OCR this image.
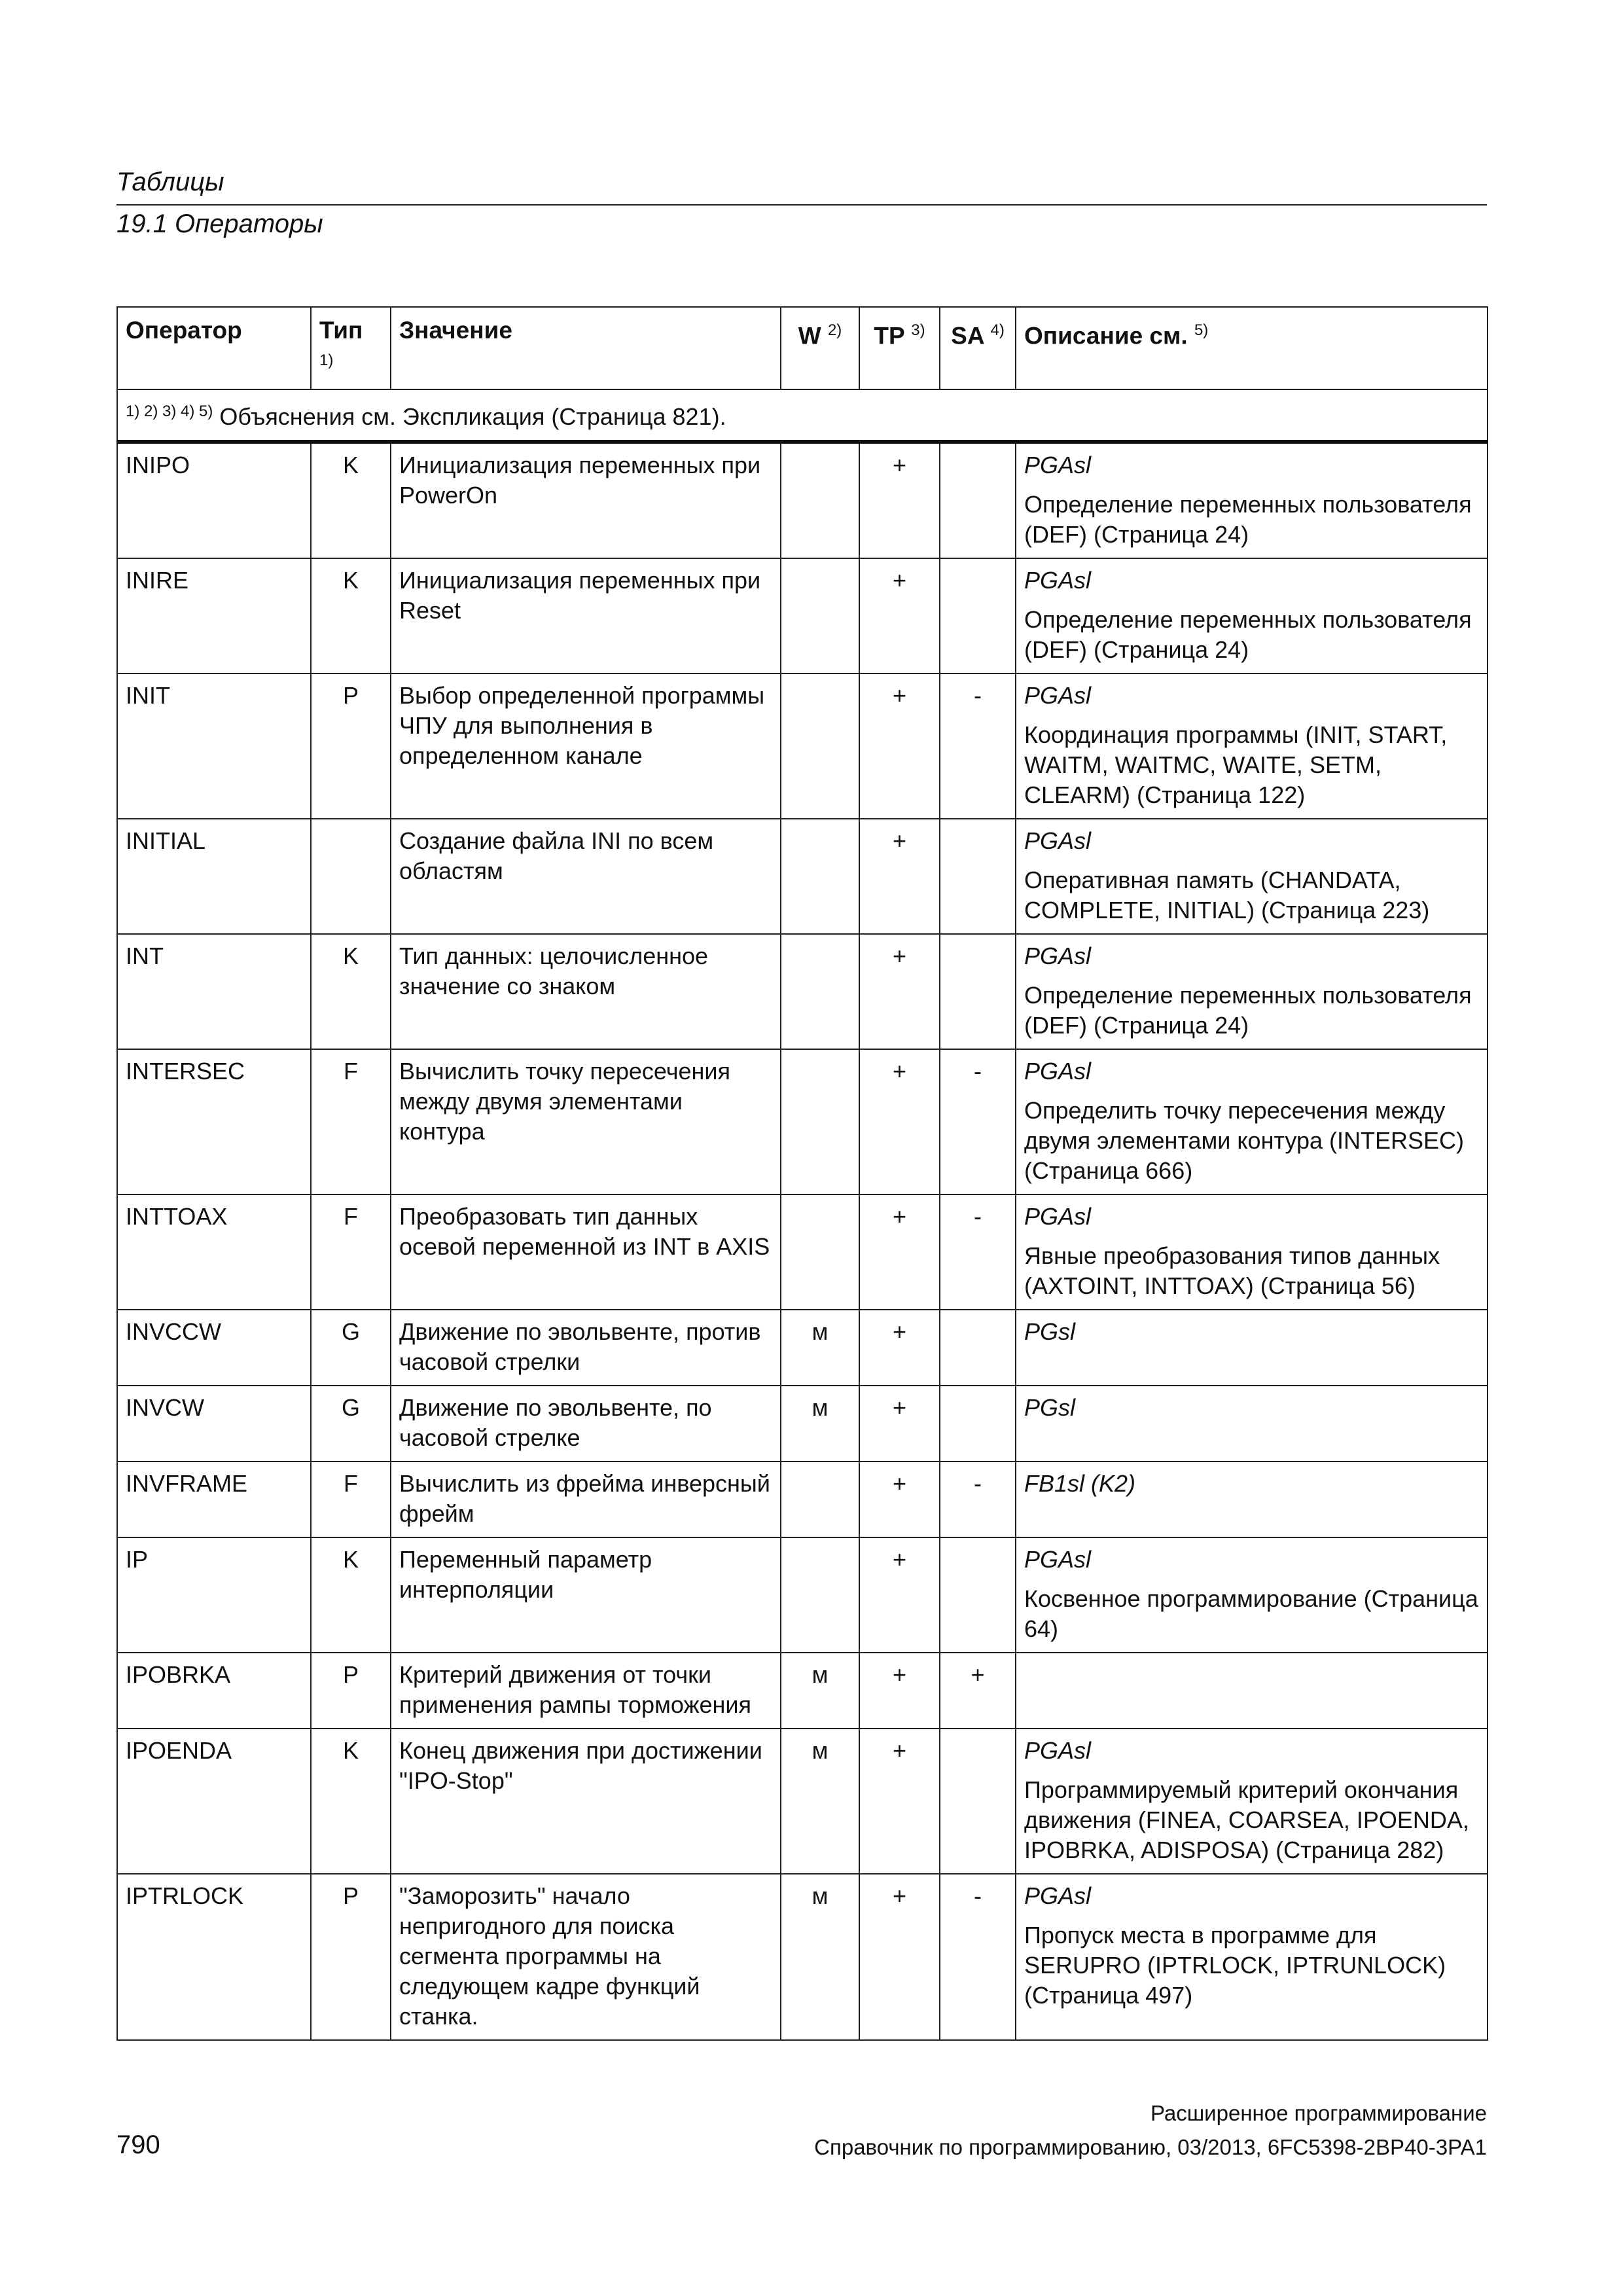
Таблицы
19.1 Операторы
Оператор	Тип $^{1)}$	Значение	W $^{2)}$	TP $^{3)}$	SA $^{4)}$	Описание см. $^{5)}$
$^{1) 2) 3) 4) 5)}$ Объяснения см. Экспликация (Страница 821).						
INIPO	K	Инициализация переменных при PowerOn		+		PGAsl
Определение переменных пользователя (DEF) (Страница 24)

INIRE	K	Инициализация переменных при Reset		+		PGAsl
Определение переменных пользователя (DEF) (Страница 24)

INIT	P	Выбор определенной программы ЧПУ для выполнения в определенном канале		+	-	PGAsl
Координация программы (INIT, START, WAITM, WAITMC, WAITE, SETM, CLEARM) (Страница 122)

INITIAL		Создание файла INI по всем областям		+		PGAsl
Оперативная память (CHANDATA, COMPLETE, INITIAL) (Страница 223)

INT	K	Тип данных: целочисленное значение со знаком		+		PGAsl
Определение переменных пользователя (DEF) (Страница 24)

INTERSEC	F	Вычислить точку пересечения между двумя элементами контура		+	-	PGAsl
Определить точку пересечения между двумя элементами контура (INTERSEC) (Страница 666)

INTTOAX	F	Преобразовать тип данных осевой переменной из INT в AXIS		+	-	PGAsl
Явные преобразования типов данных (AXTOINT, INTTOAX) (Страница 56)

INVCCW	G	Движение по эвольвенте, против часовой стрелки	м	+		PGsl

INVCW	G	Движение по эвольвенте, по часовой стрелке	м	+		PGsl

INVFRAME	F	Вычислить из фрейма инверсный фрейм		+	-	FB1sl (K2)

IP	K	Переменный параметр интерполяции		+		PGAsl
Косвенное программирование (Страница 64)

IPOBRKA	P	Критерий движения от точки применения рампы торможения	м	+	+	

IPOENDA	K	Конец движения при достижении "IPO-Stop"	м	+		PGAsl
Программируемый критерий окончания движения (FINEA, COARSEA, IPOENDA, IPOBRKA, ADISPOSA) (Страница 282)

IPTRLOCK	P	"Заморозить" начало непригодного для поиска сегмента программы на следующем кадре функций станка.	м	+	-	PGAsl
Пропуск места в программе для SERUPRO (IPTRLOCK, IPTRUNLOCK) (Страница 497)
Расширенное программирование
790	Справочник по программированию, 03/2013, 6FC5398-2BP40-3PA1
